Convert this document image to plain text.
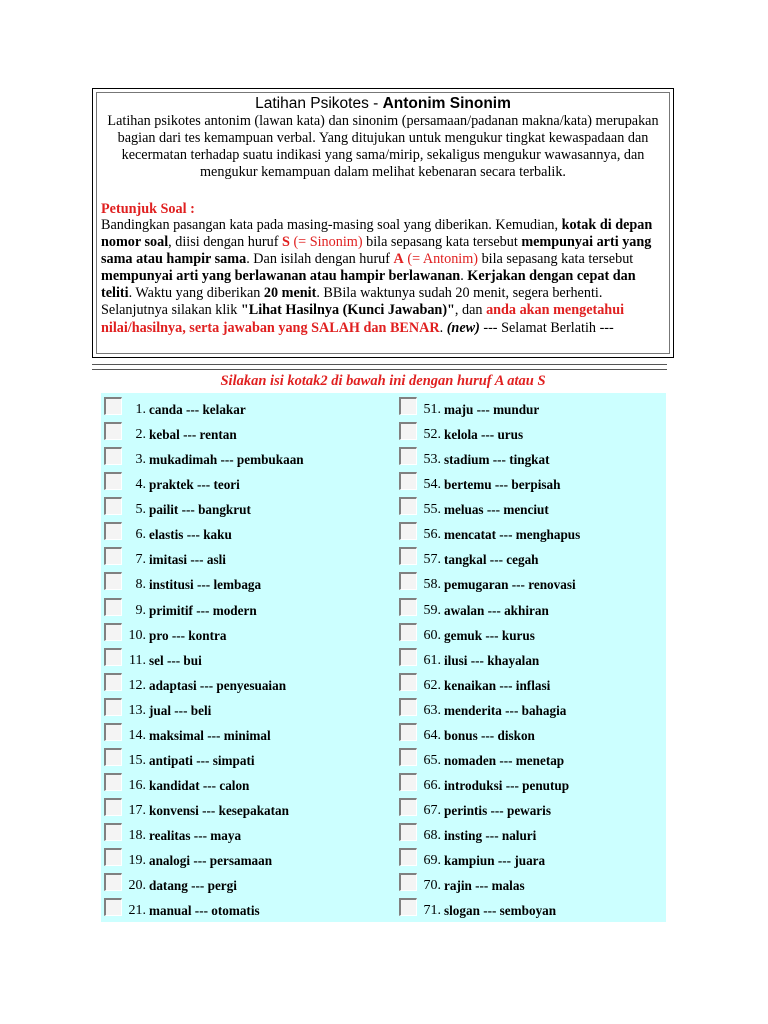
Latihan Psikotes - Antonim Sinonim
Latihan psikotes antonim (lawan kata) dan sinonim (persamaan/padanan makna/kata) merupakan bagian dari tes kemampuan verbal. Yang ditujukan untuk mengukur tingkat kewaspadaan dan kecermatan terhadap suatu indikasi yang sama/mirip, sekaligus mengukur wawasannya, dan mengukur kemampuan dalam melihat kebenaran secara terbalik.
Petunjuk Soal :
Bandingkan pasangan kata pada masing-masing soal yang diberikan. Kemudian, kotak di depan nomor soal, diisi dengan huruf S (= Sinonim) bila sepasang kata tersebut mempunyai arti yang sama atau hampir sama. Dan isilah dengan huruf A (= Antonim) bila sepasang kata tersebut mempunyai arti yang berlawanan atau hampir berlawanan. Kerjakan dengan cepat dan teliti. Waktu yang diberikan 20 menit. BBila waktunya sudah 20 menit, segera berhenti. Selanjutnya silakan klik "Lihat Hasilnya (Kunci Jawaban)", dan anda akan mengetahui nilai/hasilnya, serta jawaban yang SALAH dan BENAR. (new) --- Selamat Berlatih ---
Silakan isi kotak2 di bawah ini dengan huruf A atau S
1. canda --- kelakar
2. kebal --- rentan
3. mukadimah --- pembukaan
4. praktek --- teori
5. pailit --- bangkrut
6. elastis --- kaku
7. imitasi --- asli
8. institusi --- lembaga
9. primitif --- modern
10. pro --- kontra
11. sel --- bui
12. adaptasi --- penyesuaian
13. jual --- beli
14. maksimal --- minimal
15. antipati --- simpati
16. kandidat --- calon
17. konvensi --- kesepakatan
18. realitas --- maya
19. analogi --- persamaan
20. datang --- pergi
21. manual --- otomatis
51. maju --- mundur
52. kelola --- urus
53. stadium --- tingkat
54. bertemu --- berpisah
55. meluas --- menciut
56. mencatat --- menghapus
57. tangkal --- cegah
58. pemugaran --- renovasi
59. awalan --- akhiran
60. gemuk --- kurus
61. ilusi --- khayalan
62. kenaikan --- inflasi
63. menderita --- bahagia
64. bonus --- diskon
65. nomaden --- menetap
66. introduksi --- penutup
67. perintis --- pewaris
68. insting --- naluri
69. kampiun --- juara
70. rajin --- malas
71. slogan --- semboyan
